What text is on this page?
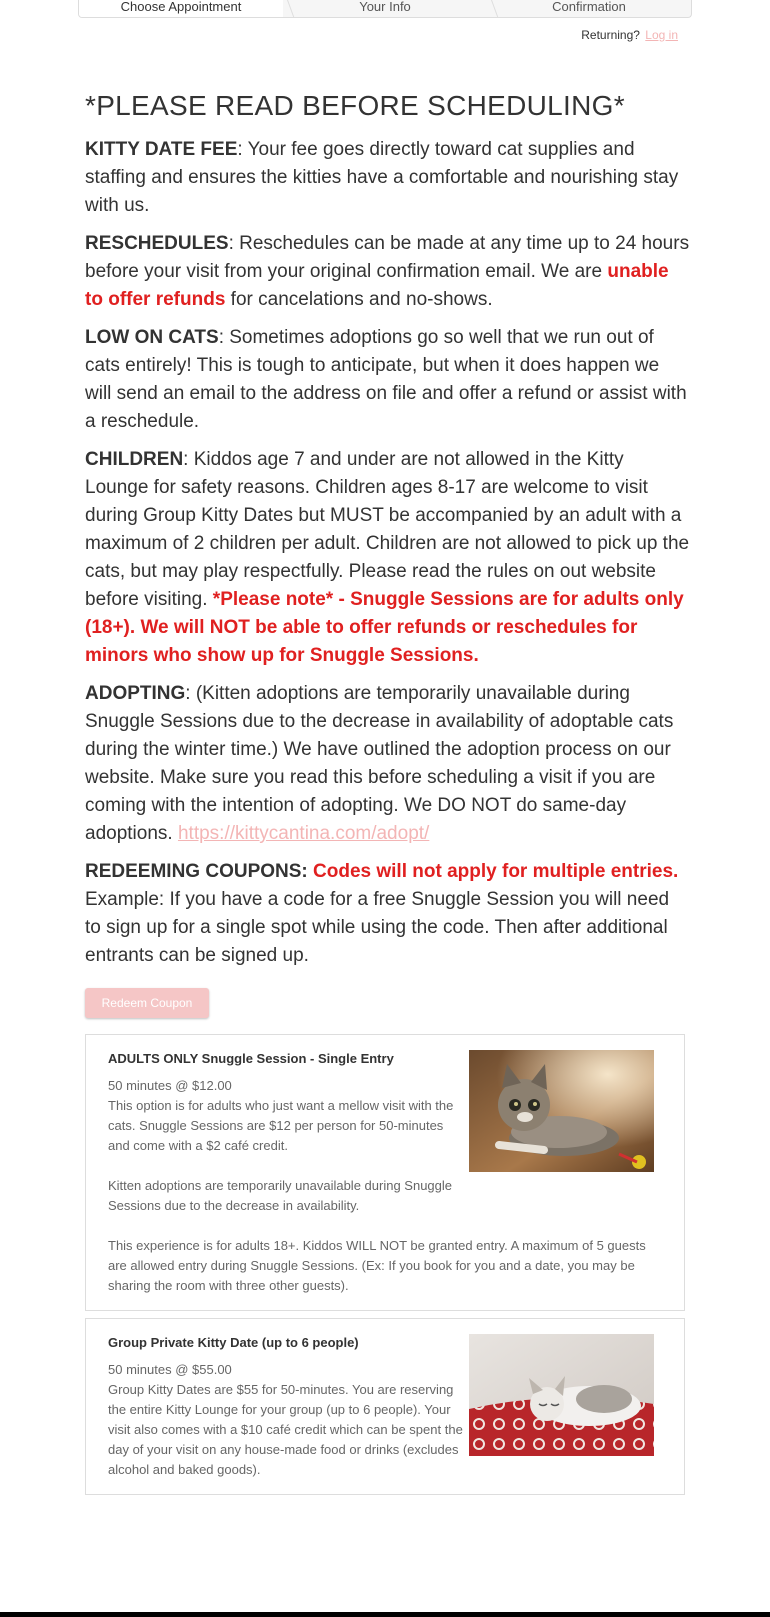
Choose Appointment	Your Info	Confirmation
Returning? Log in
*PLEASE READ BEFORE SCHEDULING*

KITTY DATE FEE: Your fee goes directly toward cat supplies and staffing and ensures the kitties have a comfortable and nourishing stay with us.

RESCHEDULES: Reschedules can be made at any time up to 24 hours before your visit from your original confirmation email. We are unable to offer refunds for cancelations and no-shows.

LOW ON CATS: Sometimes adoptions go so well that we run out of cats entirely! This is tough to anticipate, but when it does happen we will send an email to the address on file and offer a refund or assist with a reschedule.

CHILDREN: Kiddos age 7 and under are not allowed in the Kitty Lounge for safety reasons. Children ages 8-17 are welcome to visit during Group Kitty Dates but MUST be accompanied by an adult with a maximum of 2 children per adult. Children are not allowed to pick up the cats, but may play respectfully. Please read the rules on out website before visiting. *Please note* - Snuggle Sessions are for adults only (18+). We will NOT be able to offer refunds or reschedules for minors who show up for Snuggle Sessions.

ADOPTING: (Kitten adoptions are temporarily unavailable during Snuggle Sessions due to the decrease in availability of adoptable cats during the winter time.) We have outlined the adoption process on our website. Make sure you read this before scheduling a visit if you are coming with the intention of adopting. We DO NOT do same-day adoptions. https://kittycantina.com/adopt/

REDEEMING COUPONS: Codes will not apply for multiple entries. Example: If you have a code for a free Snuggle Session you will need to sign up for a single spot while using the code. Then after additional entrants can be signed up.

Redeem Coupon
ADULTS ONLY Snuggle Session - Single Entry

50 minutes @ $12.00

This option is for adults who just want a mellow visit with the cats. Snuggle Sessions are $12 per person for 50-minutes and come with a $2 café credit.

Kitten adoptions are temporarily unavailable during Snuggle Sessions due to the decrease in availability.

This experience is for adults 18+. Kiddos WILL NOT be granted entry. A maximum of 5 guests are allowed entry during Snuggle Sessions. (Ex: If you book for you and a date, you may be sharing the room with three other guests).

Group Private Kitty Date (up to 6 people)

50 minutes @ $55.00

Group Kitty Dates are $55 for 50-minutes. You are reserving the entire Kitty Lounge for your group (up to 6 people). Your visit also comes with a $10 café credit which can be spent the day of your visit on any house-made food or drinks (excludes alcohol and baked goods).
